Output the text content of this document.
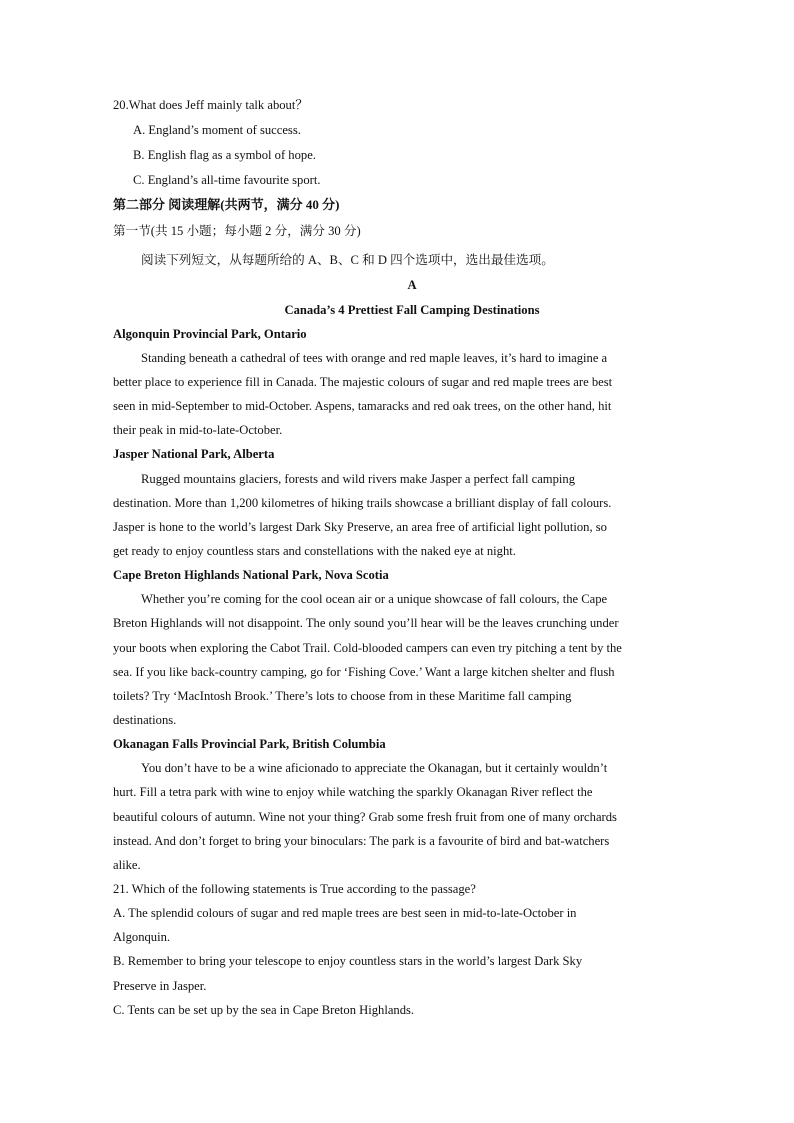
20.What does Jeff mainly talk about？
A. England’s moment of success.
B. English flag as a symbol of hope.
C. England’s all-time favourite sport.
第二部分 阅读理解(共两节，满分 40 分)
第一节(共 15 小题；每小题 2 分，满分 30 分)
阅读下列短文，从每题所给的 A、B、C 和 D 四个选项中，选出最佳选项。
A
Canada’s 4 Prettiest Fall Camping Destinations
Algonquin Provincial Park, Ontario
Standing beneath a cathedral of tees with orange and red maple leaves, it’s hard to imagine a
better place to experience fill in Canada. The majestic colours of sugar and red maple trees are best
seen in mid-September to mid-October. Aspens, tamaracks and red oak trees, on the other hand, hit
their peak in mid-to-late-October.
Jasper National Park, Alberta
Rugged mountains glaciers, forests and wild rivers make Jasper a perfect fall camping
destination. More than 1,200 kilometres of hiking trails showcase a brilliant display of fall colours.
Jasper is hone to the world’s largest Dark Sky Preserve, an area free of artificial light pollution, so
get ready to enjoy countless stars and constellations with the naked eye at night.
Cape Breton Highlands National Park, Nova Scotia
Whether you’re coming for the cool ocean air or a unique showcase of fall colours, the Cape
Breton Highlands will not disappoint. The only sound you’ll hear will be the leaves crunching under
your boots when exploring the Cabot Trail. Cold-blooded campers can even try pitching a tent by the
sea. If you like back-country camping, go for ‘Fishing Cove.’ Want a large kitchen shelter and flush
toilets? Try ‘MacIntosh Brook.’ There’s lots to choose from in these Maritime fall camping
destinations.
Okanagan Falls Provincial Park, British Columbia
You don’t have to be a wine aficionado to appreciate the Okanagan, but it certainly wouldn’t
hurt. Fill a tetra park with wine to enjoy while watching the sparkly Okanagan River reflect the
beautiful colours of autumn. Wine not your thing? Grab some fresh fruit from one of many orchards
instead. And don’t forget to bring your binoculars: The park is a favourite of bird and bat-watchers
alike.
21. Which of the following statements is True according to the passage?
A. The splendid colours of sugar and red maple trees are best seen in mid-to-late-October in
Algonquin.
B. Remember to bring your telescope to enjoy countless stars in the world’s largest Dark Sky
Preserve in Jasper.
C. Tents can be set up by the sea in Cape Breton Highlands.
